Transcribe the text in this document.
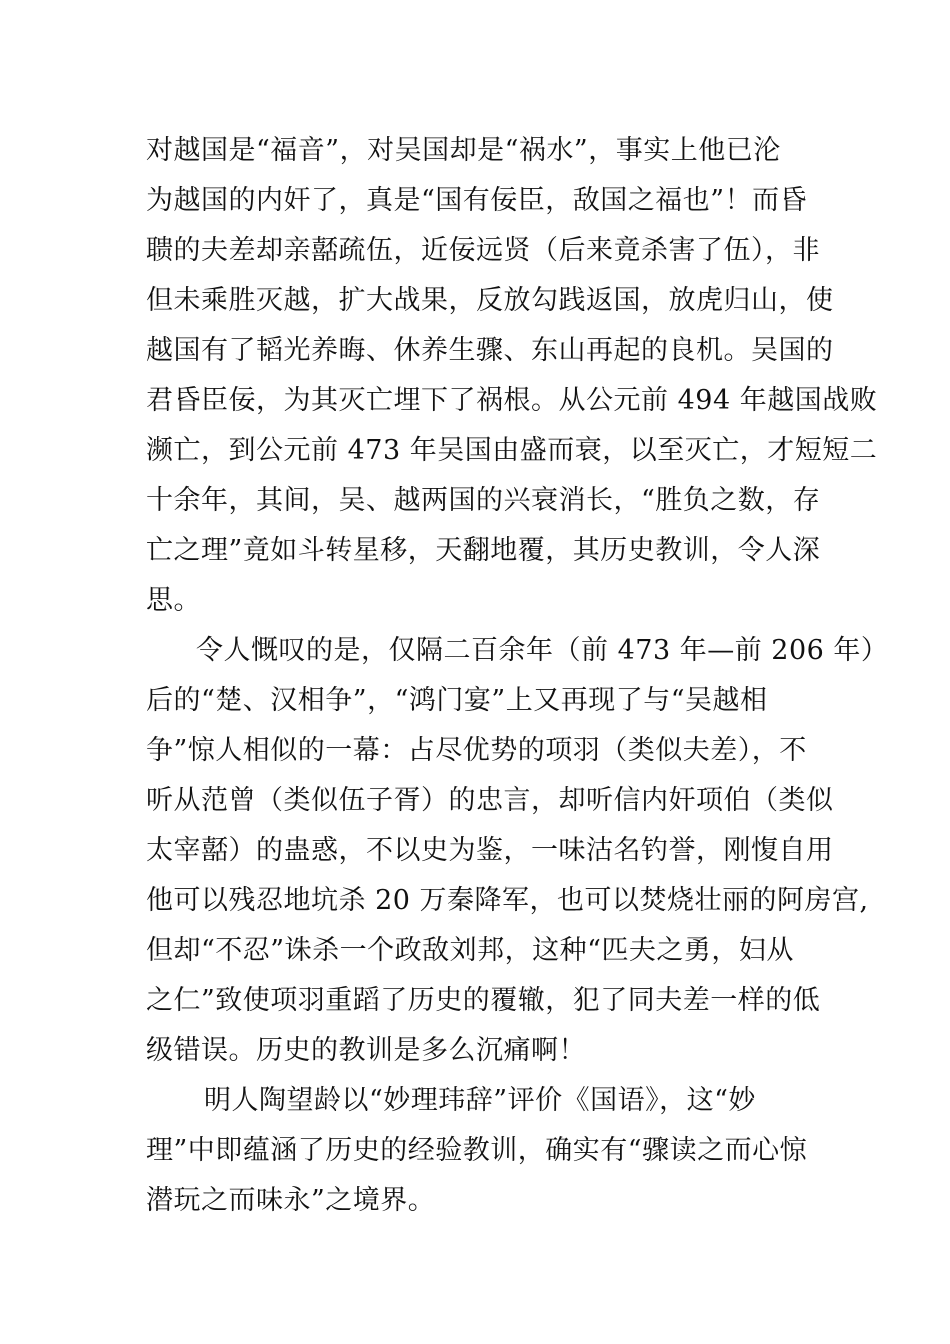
对越国是“福音”，对吴国却是“祸水”，事实上他已沦
为越国的内奸了，真是“国有佞臣，敌国之福也”！而昏
聩的夫差却亲嚭疏伍，近佞远贤（后来竟杀害了伍），非
但未乘胜灭越，扩大战果，反放勾践返国，放虎归山，使
越国有了韬光养晦、休养生骤、东山再起的良机。吴国的
君昏臣佞，为其灭亡埋下了祸根。从公元前 494 年越国战败
濒亡，到公元前 473 年吴国由盛而衰，以至灭亡，才短短二
十余年，其间，吴、越两国的兴衰消长，“胜负之数，存
亡之理”竟如斗转星移，天翻地覆，其历史教训，令人深
思。
令人慨叹的是，仅隔二百余年（前 473 年—前 206 年）
后的“楚、汉相争”，“鸿门宴”上又再现了与“吴越相
争”惊人相似的一幕：占尽优势的项羽（类似夫差），不
听从范曾（类似伍子胥）的忠言，却听信内奸项伯（类似
太宰嚭）的蛊惑，不以史为鉴，一味沽名钓誉，刚愎自用
他可以残忍地坑杀 20 万秦降军，也可以焚烧壮丽的阿房宫,
但却“不忍”诛杀一个政敌刘邦，这种“匹夫之勇，妇从
之仁”致使项羽重蹈了历史的覆辙，犯了同夫差一样的低
级错误。历史的教训是多么沉痛啊！
明人陶望龄以“妙理玮辞”评价《国语》，这“妙
理”中即蕴涵了历史的经验教训，确实有“骤读之而心惊
潜玩之而味永”之境界。
